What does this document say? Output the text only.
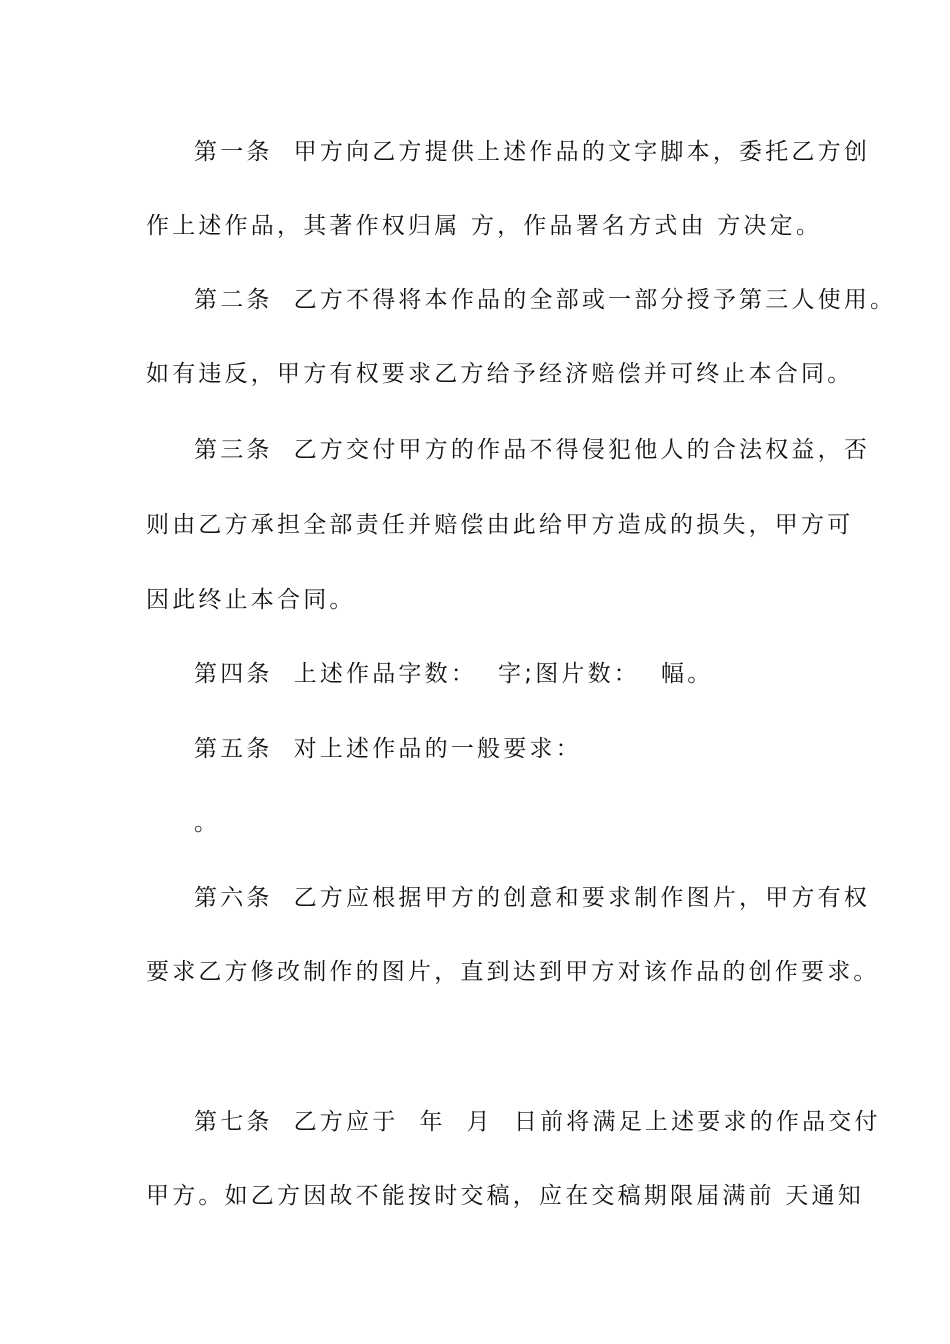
第一条  甲方向乙方提供上述作品的文字脚本，委托乙方创
作上述作品，其著作权归属 方，作品署名方式由 方决定。
第二条  乙方不得将本作品的全部或一部分授予第三人使用。
如有违反，甲方有权要求乙方给予经济赔偿并可终止本合同。
第三条  乙方交付甲方的作品不得侵犯他人的合法权益，否
则由乙方承担全部责任并赔偿由此给甲方造成的损失，甲方可
因此终止本合同。
第四条  上述作品字数：  字;图片数：  幅。
第五条  对上述作品的一般要求：
。
第六条  乙方应根据甲方的创意和要求制作图片，甲方有权
要求乙方修改制作的图片，直到达到甲方对该作品的创作要求。
第七条  乙方应于  年  月  日前将满足上述要求的作品交付
甲方。如乙方因故不能按时交稿，应在交稿期限届满前 天通知
